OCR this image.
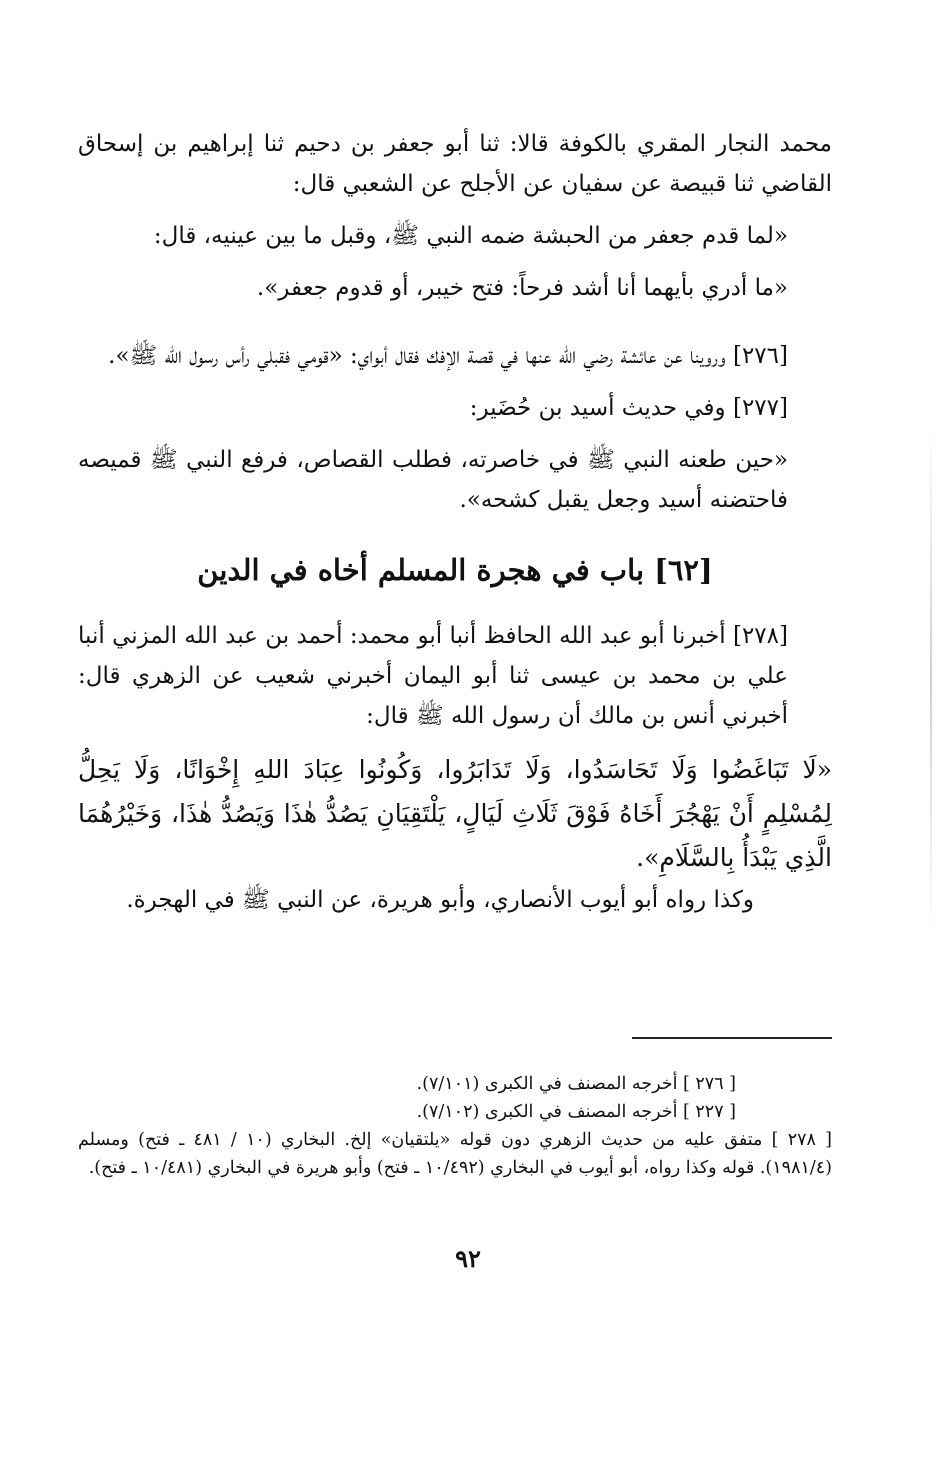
محمد النجار المقري بالكوفة قالا: ثنا أبو جعفر بن دحيم ثنا إبراهيم بن إسحاق القاضي ثنا قبيصة عن سفيان عن الأجلح عن الشعبي قال:

«لما قدم جعفر من الحبشة ضمه النبي ﷺ، وقبل ما بين عينيه، قال:

«ما أدري بأيهما أنا أشد فرحاً: فتح خيبر، أو قدوم جعفر».

[٢٧٦] وروينا عن عائشة رضي الله عنها في قصة الإفك فقال أبواي: «قومي فقبلي رأس رسول الله ﷺ».

[٢٧٧] وفي حديث أسيد بن حُضَير:

«حين طعنه النبي ﷺ في خاصرته، فطلب القصاص، فرفع النبي ﷺ قميصه فاحتضنه أسيد وجعل يقبل كشحه».

[٦٢] باب في هجرة المسلم أخاه في الدين

[٢٧٨] أخبرنا أبو عبد الله الحافظ أنبا أبو محمد: أحمد بن عبد الله المزني أنبا علي بن محمد بن عيسى ثنا أبو اليمان أخبرني شعيب عن الزهري قال: أخبرني أنس بن مالك أن رسول الله ﷺ قال:

«لَا تَبَاغَضُوا وَلَا تَحَاسَدُوا، وَلَا تَدَابَرُوا، وَكُونُوا عِبَادَ اللهِ إِخْوَانًا، وَلَا يَحِلُّ لِمُسْلِمٍ أَنْ يَهْجُرَ أَخَاهُ فَوْقَ ثَلَاثِ لَيَالٍ، يَلْتَقِيَانِ يَصُدُّ هٰذَا وَيَصُدُّ هٰذَا، وَخَيْرُهُمَا الَّذِي يَبْدَأُ بِالسَّلَامِ».

وكذا رواه أبو أيوب الأنصاري، وأبو هريرة، عن النبي ﷺ في الهجرة.

[ ٢٧٦ ] أخرجه المصنف في الكبرى (٧/١٠١).

[ ٢٢٧ ] أخرجه المصنف في الكبرى (٧/١٠٢).

[ ٢٧٨ ] متفق عليه من حديث الزهري دون قوله «يلتقيان» إلخ. البخاري (١٠ / ٤٨١ ـ فتح) ومسلم (١٩٨١/٤). قوله وكذا رواه، أبو أيوب في البخاري (١٠/٤٩٢ ـ فتح) وأبو هريرة في البخاري (١٠/٤٨١ ـ فتح).

٩٢
